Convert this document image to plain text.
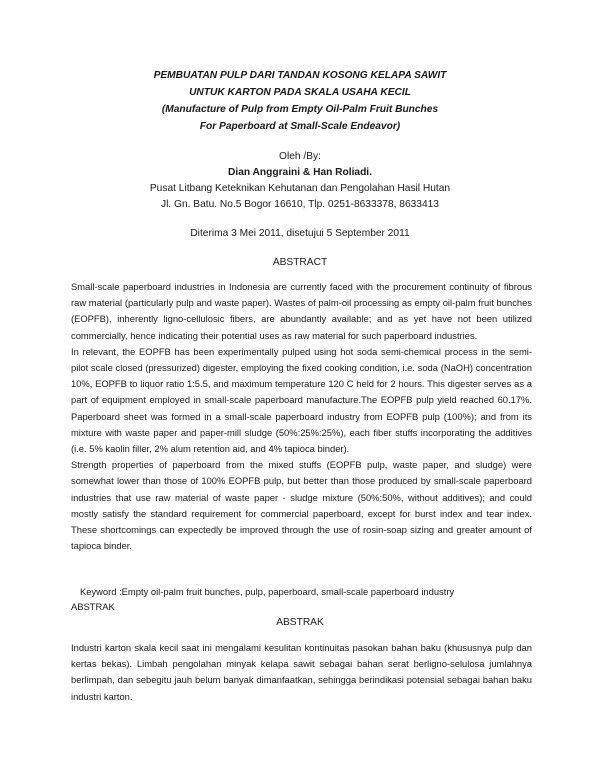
PEMBUATAN PULP DARI TANDAN KOSONG KELAPA SAWIT
UNTUK KARTON PADA SKALA USAHA KECIL
(Manufacture of Pulp from Empty Oil-Palm Fruit Bunches
For Paperboard at Small-Scale Endeavor)
Oleh /By:
Dian Anggraini & Han Roliadi.
Pusat Litbang Keteknikan Kehutanan dan Pengolahan Hasil Hutan
Jl. Gn. Batu. No.5 Bogor 16610, Tlp. 0251-8633378, 8633413
Diterima 3 Mei 2011, disetujui 5 September 2011
ABSTRACT

Small-scale paperboard industries in Indonesia are currently faced with the procurement continuity of fibrous raw material (particularly pulp and waste paper). Wastes of palm-oil processing as empty oil-palm fruit bunches (EOPFB), inherently ligno-cellulosic fibers, are abundantly available; and as yet have not been utilized commercially, hence indicating their potential uses as raw material for such paperboard industries.

In relevant, the EOPFB has been experimentally pulped using hot soda semi-chemical process in the semi-pilot scale closed (pressurized) digester, employing the fixed cooking condition, i.e. soda (NaOH) concentration 10%, EOPFB to liquor ratio 1:5.5, and maximum temperature 120 C held for 2 hours. This digester serves as a part of equipment employed in small-scale paperboard manufacture.The EOPFB pulp yield reached 60.17%. Paperboard sheet was formed in a small-scale paperboard industry from EOPFB pulp (100%); and from its mixture with waste paper and paper-mill sludge (50%:25%:25%), each fiber stuffs incorporating the additives (i.e. 5% kaolin filler, 2% alum retention aid, and 4% tapioca binder).

Strength properties of paperboard from the mixed stuffs (EOPFB pulp, waste paper, and sludge) were somewhat lower than those of 100% EOPFB pulp, but better than those produced by small-scale paperboard industries that use raw material of waste paper - sludge mixture (50%:50%, without additives); and could mostly satisfy the standard requirement for commercial paperboard, except for burst index and tear index. These shortcomings can expectedly be improved through the use of rosin-soap sizing and greater amount of tapioca binder.

Keyword :Empty oil-palm fruit bunches, pulp, paperboard, small-scale paperboard industry
ABSTRAK
ABSTRAK

Industri karton skala kecil saat ini mengalami kesulitan kontinuitas pasokan bahan baku (khususnya pulp dan kertas bekas). Limbah pengolahan minyak kelapa sawit sebagai bahan serat berligno-selulosa jumlahnya berlimpah, dan sebegitu jauh belum banyak dimanfaatkan, sehingga berindikasi potensial sebagai bahan baku industri karton.
